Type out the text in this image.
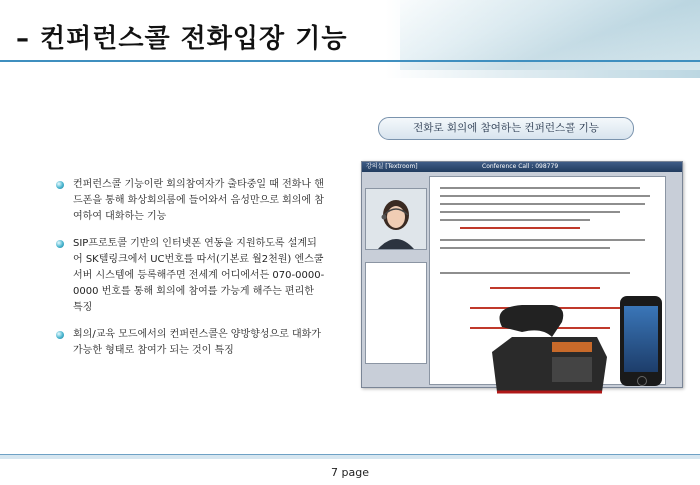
– 컨퍼런스콜 전화입장 기능
전화로 회의에 참여하는 컨퍼런스콜 기능
컨퍼런스콜 기능이란 회의참여자가 출타중일 때 전화나 핸드폰을 통해 화상회의룸에 들어와서 음성만으로 회의에 참여하여 대화하는 기능
SIP프로토콜 기반의 인터넷폰 연동을 지원하도록 설계되어 SK텔링크에서 UC번호를 따서(기본료 월2천원) 엔스쿨 서버 시스템에 등록해주면 전세계 어디에서든 070-0000-0000 번호를 통해 회의에 참여를 가능게 해주는 편리한 특징
회의/교육 모드에서의 컨퍼런스콜은 양방향성으로 대화가 가능한 형태로 참여가 되는 것이 특징
강의실 [Textroom]	Conference Call : 098779
7 page
